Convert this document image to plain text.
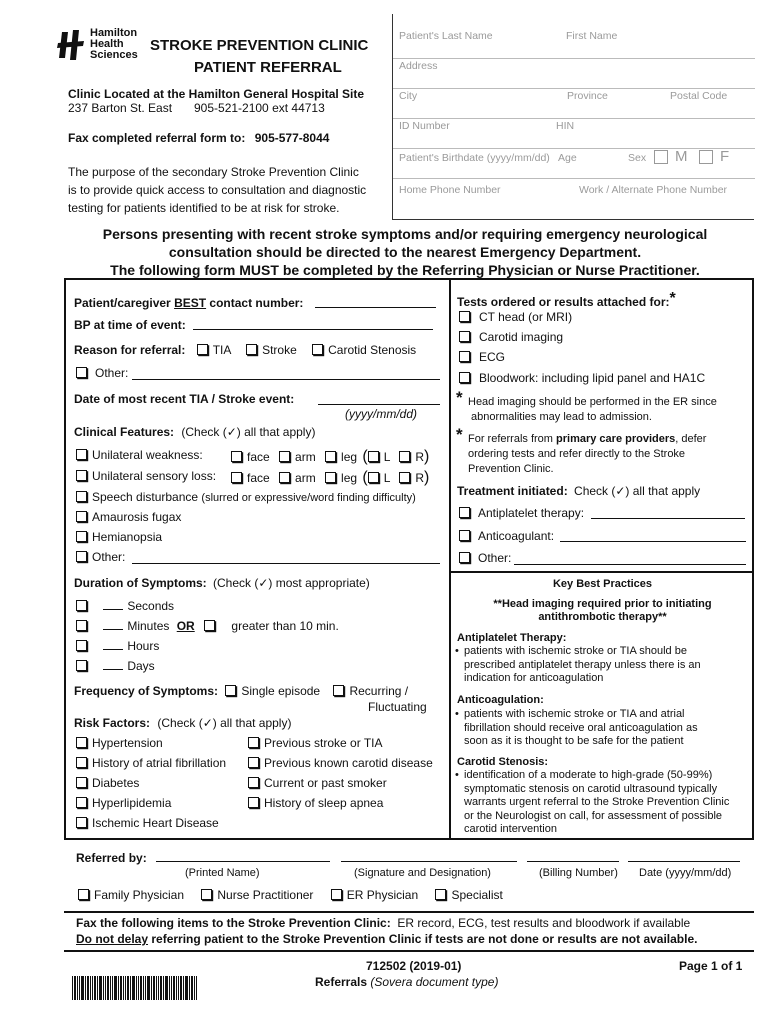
Hamilton
Health
Sciences
STROKE PREVENTION CLINIC
PATIENT REFERRAL
Clinic Located at the Hamilton General Hospital Site
237 Barton St. East 905-521-2100 ext 44713
Fax completed referral form to: 905-577-8044
The purpose of the secondary Stroke Prevention Clinic
is to provide quick access to consultation and diagnostic
testing for patients identified to be at risk for stroke.
Patient's Last Name	First Name
Address
City	Province	Postal Code
ID Number	HIN
Patient's Birthdate (yyyy/mm/dd) Age	Sex M F
Home Phone Number	Work / Alternate Phone Number
Persons presenting with recent stroke symptoms and/or requiring emergency neurological
consultation should be directed to the nearest Emergency Department.
The following form MUST be completed by the Referring Physician or Nurse Practitioner.
Patient/caregiver BEST contact number:
BP at time of event:
Reason for referral: TIA	Stroke	Carotid Stenosis
Other:
Date of most recent TIA / Stroke event:
(yyyy/mm/dd)
Clinical Features: (Check (✓) all that apply)
Unilateral weakness:	face arm leg ( L R)
Unilateral sensory loss:	face arm leg ( L R)
Speech disturbance (slurred or expressive/word finding difficulty)
Amaurosis fugax
Hemianopsia
Other:
Duration of Symptoms: (Check (✓) most appropriate)
Seconds
Minutes OR	greater than 10 min.
Hours
Days
Frequency of Symptoms: Single episode Recurring /
Fluctuating
Risk Factors: (Check (✓) all that apply)
Hypertension	Previous stroke or TIA
History of atrial fibrillation	Previous known carotid disease
Diabetes	Current or past smoker
Hyperlipidemia	History of sleep apnea
Ischemic Heart Disease
Tests ordered or results attached for:*
CT head (or MRI)
Carotid imaging
ECG
Bloodwork: including lipid panel and HA1C
* Head imaging should be performed in the ER since
abnormalities may lead to admission.
* For referrals from primary care providers, defer
ordering tests and refer directly to the Stroke
Prevention Clinic.
Treatment initiated: Check (✓) all that apply
Antiplatelet therapy:
Anticoagulant:
Other:
Key Best Practices
**Head imaging required prior to initiating
antithrombotic therapy**
Antiplatelet Therapy:
• patients with ischemic stroke or TIA should be
prescribed antiplatelet therapy unless there is an
indication for anticoagulation
Anticoagulation:
• patients with ischemic stroke or TIA and atrial
fibrillation should receive oral anticoagulation as
soon as it is thought to be safe for the patient
Carotid Stenosis:
• identification of a moderate to high-grade (50-99%)
symptomatic stenosis on carotid ultrasound typically
warrants urgent referral to the Stroke Prevention Clinic
or the Neurologist on call, for assessment of possible
carotid intervention
Referred by:
(Printed Name)	(Signature and Designation)	(Billing Number) Date (yyyy/mm/dd)
Family Physician	Nurse Practitioner	ER Physician	Specialist
Fax the following items to the Stroke Prevention Clinic:  ER record, ECG, test results and bloodwork if available
Do not delay referring patient to the Stroke Prevention Clinic if tests are not done or results are not available.
712502 (2019-01)	Page 1 of 1
Referrals (Sovera document type)
